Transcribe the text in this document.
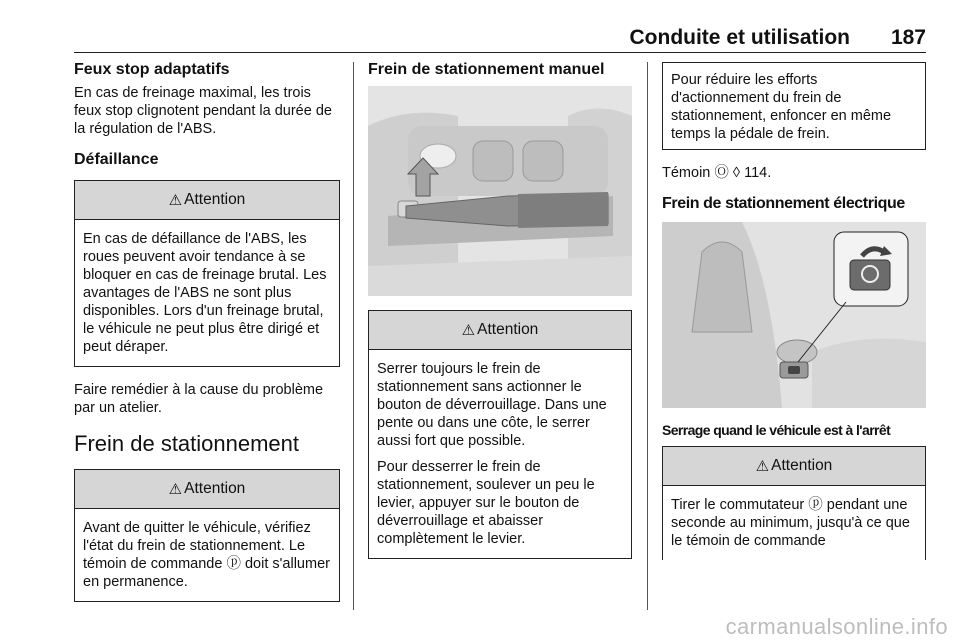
Conduite et utilisation 187
Feux stop adaptatifs

En cas de freinage maximal, les trois feux stop clignotent pendant la durée de la régulation de l'ABS.

Défaillance
⚠ Attention

En cas de défaillance de l'ABS, les roues peuvent avoir tendance à se bloquer en cas de freinage brutal. Les avantages de l'ABS ne sont plus disponibles. Lors d'un freinage brutal, le véhicule ne peut plus être dirigé et peut déraper.

Faire remédier à la cause du problème par un atelier.

Frein de stationnement
⚠ Attention

Avant de quitter le véhicule, vérifiez l'état du frein de stationnement. Le témoin de commande ⓟ doit s'allumer en permanence.

Frein de stationnement manuel
⚠ Attention

Serrer toujours le frein de stationnement sans actionner le bouton de déverrouillage. Dans une pente ou dans une côte, le serrer aussi fort que possible.

Pour desserrer le frein de stationnement, soulever un peu le levier, appuyer sur le bouton de déverrouillage et abaisser complètement le levier.

Pour réduire les efforts d'actionnement du frein de stationnement, enfoncer en même temps la pédale de frein.

Témoin Ⓞ ◊ 114.

Frein de stationnement électrique
Serrage quand le véhicule est à l'arrêt
⚠ Attention

Tirer le commutateur ⓟ pendant une seconde au minimum, jusqu'à ce que le témoin de commande

carmanualsonline.info
